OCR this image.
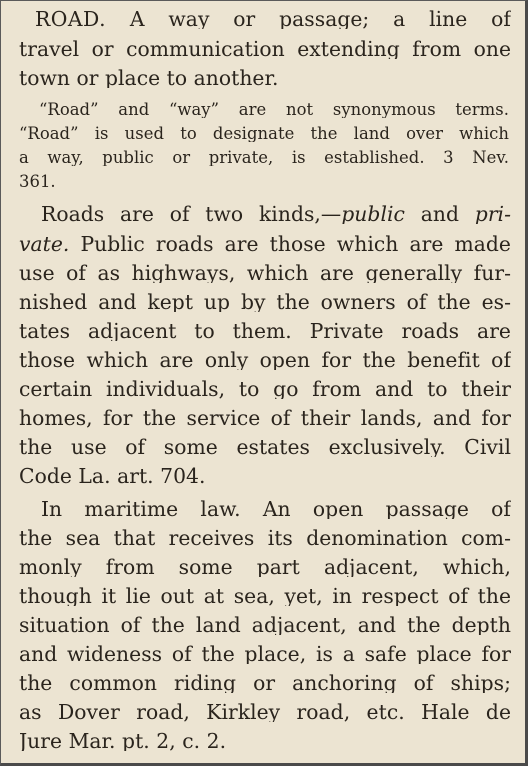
ROAD. A way or passage; a line of
travel or communication extending from one
town or place to another.
“Road” and “way” are not synonymous terms.
“Road” is used to designate the land over which
a way, public or private, is established. 3 Nev.
361.
Roads are of two kinds,—public and pri-
vate. Public roads are those which are made
use of as highways, which are generally fur-
nished and kept up by the owners of the es-
tates adjacent to them. Private roads are
those which are only open for the benefit of
certain individuals, to go from and to their
homes, for the service of their lands, and for
the use of some estates exclusively. Civil
Code La. art. 704.
In maritime law. An open passage of
the sea that receives its denomination com-
monly from some part adjacent, which,
though it lie out at sea, yet, in respect of the
situation of the land adjacent, and the depth
and wideness of the place, is a safe place for
the common riding or anchoring of ships;
as Dover road, Kirkley road, etc. Hale de
Jure Mar. pt. 2, c. 2.
